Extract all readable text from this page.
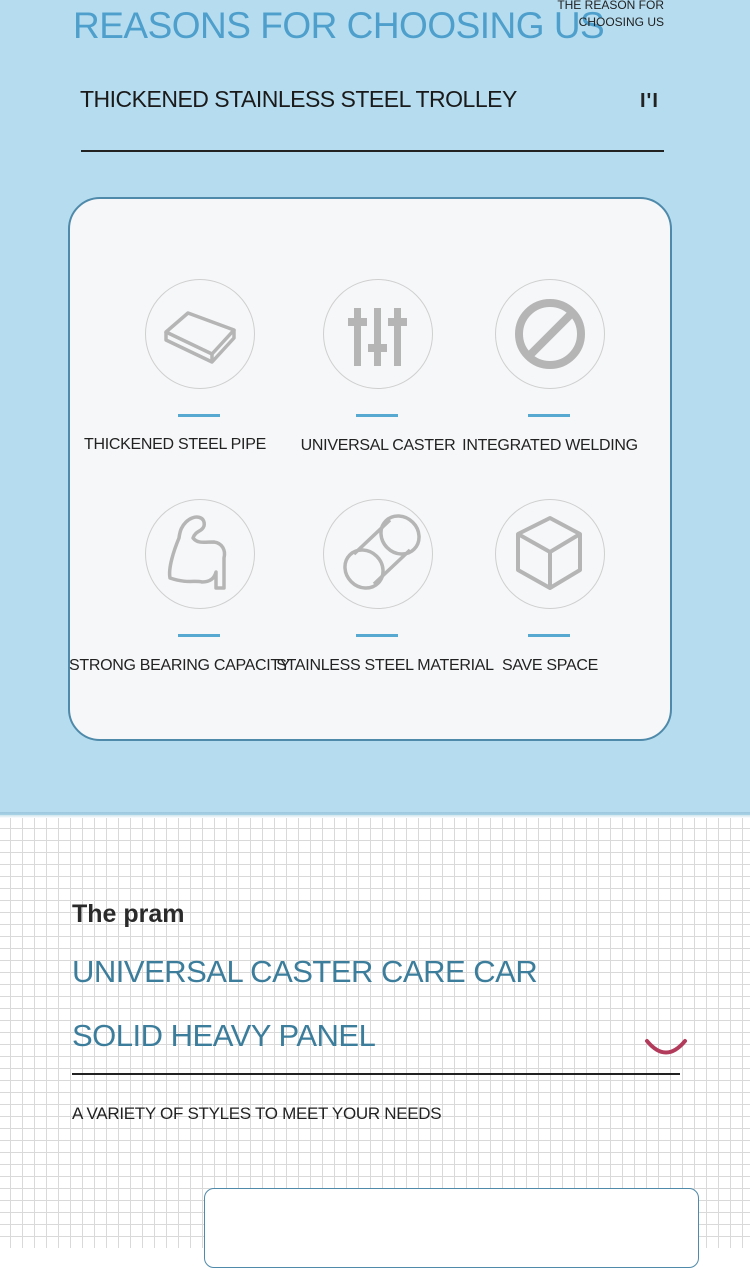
REASONS FOR CHOOSING US
THE REASON FOR
CHOOSING US
THICKENED STAINLESS STEEL TROLLEY	I'I
THICKENED STEEL PIPE	UNIVERSAL CASTER INTEGRATED WELDING
STRONG BEARING CAPACITY
STAINLESS STEEL MATERIAL SAVE SPACE
The pram
UNIVERSAL CASTER CARE CAR
SOLID HEAVY PANEL
A VARIETY OF STYLES TO MEET YOUR NEEDS
